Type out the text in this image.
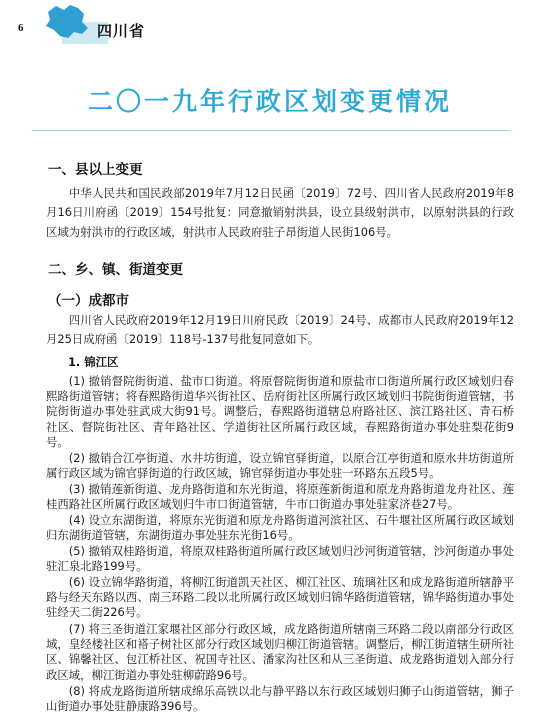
6	四川省
二〇一九年行政区划变更情况
一、县以上变更

中华人民共和国民政部2019年7月12日民函〔2019〕72号、四川省人民政府2019年8月16日川府函〔2019〕154号批复：同意撤销射洪县，设立县级射洪市，以原射洪县的行政区域为射洪市的行政区域，射洪市人民政府驻子昂街道人民街106号。

二、乡、镇、街道变更
（一）成都市

四川省人民政府2019年12月19日川府民政〔2019〕24号、成都市人民政府2019年12月25日成府函〔2019〕118号-137号批复同意如下。

1. 锦江区

(1) 撤销督院街街道、盐市口街道。将原督院街街道和原盐市口街道所属行政区域划归春熙路街道管辖；将春熙路街道华兴街社区、岳府街社区所属行政区域划归书院街街道管辖，书院街街道办事处驻武成大街91号。调整后，春熙路街道辖总府路社区、滨江路社区、青石桥社区、督院街社区、青年路社区、学道街社区所属行政区域，春熙路街道办事处驻梨花街9号。

(2) 撤销合江亭街道、水井坊街道，设立锦官驿街道，以原合江亭街道和原水井坊街道所属行政区域为锦官驿街道的行政区域，锦官驿街道办事处驻一环路东五段5号。

(3) 撤销莲新街道、龙舟路街道和东光街道，将原莲新街道和原龙舟路街道龙舟社区、莲桂西路社区所属行政区域划归牛市口街道管辖，牛市口街道办事处驻家济巷27号。

(4) 设立东湖街道，将原东光街道和原龙舟路街道河滨社区、石牛堰社区所属行政区域划归东湖街道管辖，东湖街道办事处驻东光街16号。

(5) 撤销双桂路街道，将原双桂路街道所属行政区域划归沙河街道管辖，沙河街道办事处驻汇泉北路199号。

(6) 设立锦华路街道，将柳江街道凯天社区、柳江社区、琉璃社区和成龙路街道所辖静平路与经天东路以西、南三环路二段以北所属行政区域划归锦华路街道管辖，锦华路街道办事处驻经天二街226号。

(7) 将三圣街道江家堰社区部分行政区域，成龙路街道所辖南三环路二段以南部分行政区域，皇经楼社区和褡子树社区部分行政区域划归柳江街道管辖。调整后，柳江街道辖生研所社区、锦馨社区、包江桥社区、祝国寺社区、潘家沟社区和从三圣街道、成龙路街道划入部分行政区域，柳江街道办事处驻柳蔚路96号。

(8) 将成龙路街道所辖成绵乐高铁以北与静平路以东行政区域划归狮子山街道管辖，狮子山街道办事处驻静康路396号。
